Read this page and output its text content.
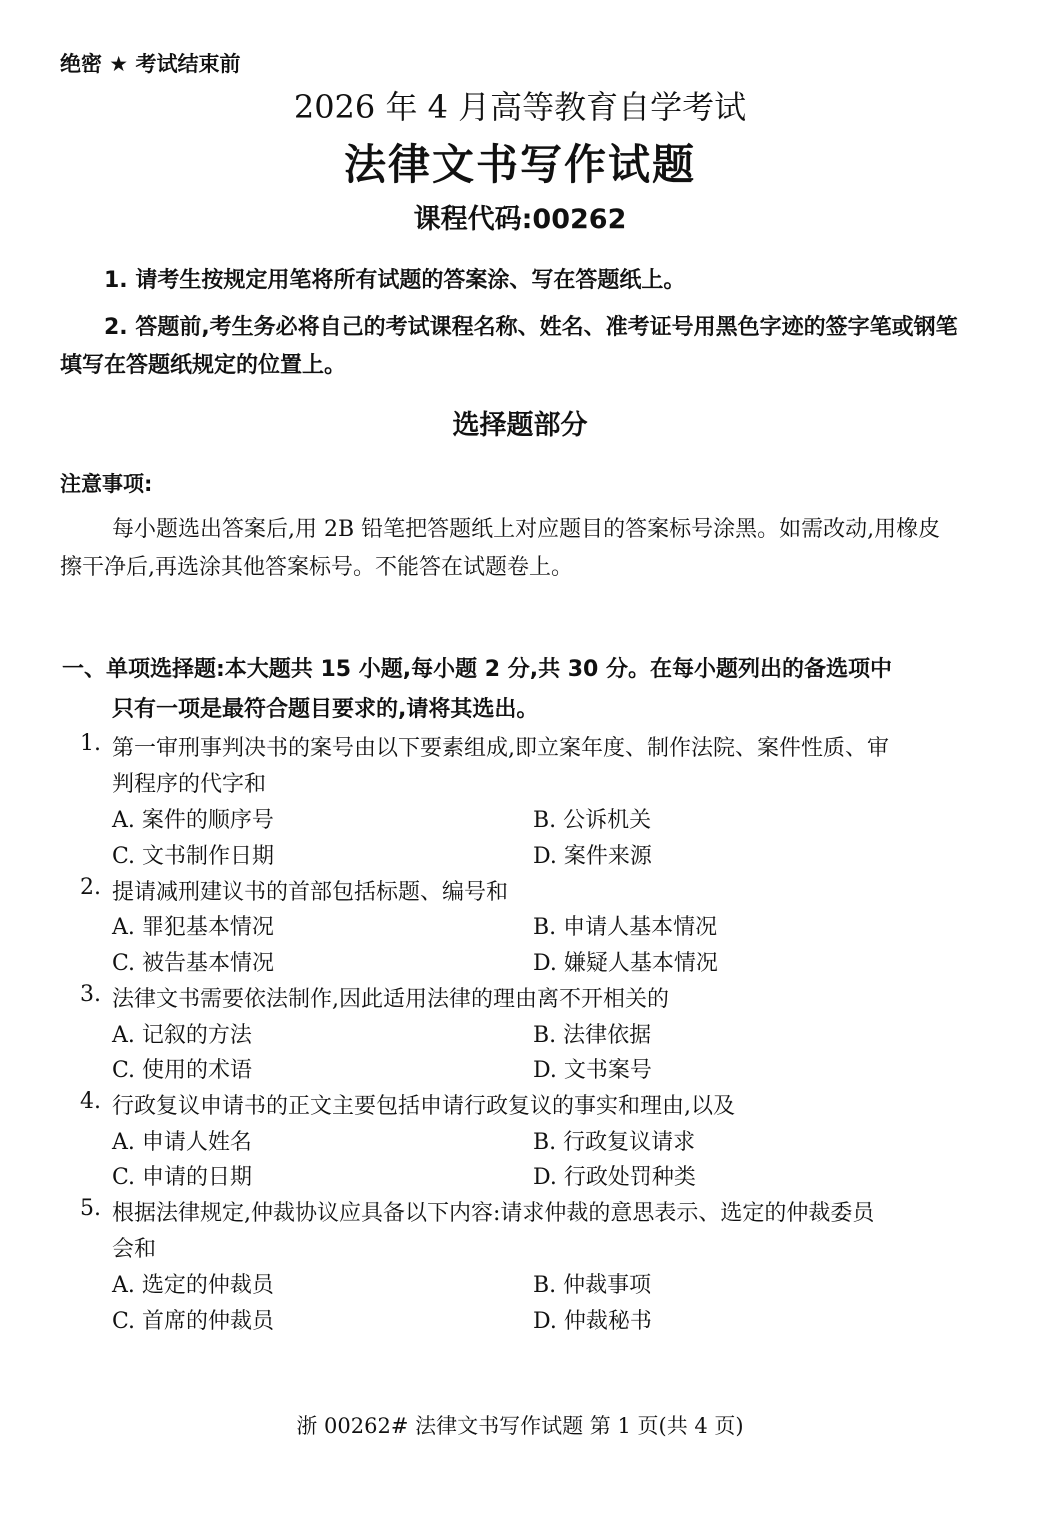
绝密 ★ 考试结束前
2026 年 4 月高等教育自学考试
法律文书写作试题
课程代码:00262
1. 请考生按规定用笔将所有试题的答案涂、写在答题纸上。
2. 答题前,考生务必将自己的考试课程名称、姓名、准考证号用黑色字迹的签字笔或钢笔
填写在答题纸规定的位置上。
选择题部分
注意事项:
每小题选出答案后,用 2B 铅笔把答题纸上对应题目的答案标号涂黑。如需改动,用橡皮
擦干净后,再选涂其他答案标号。不能答在试题卷上。
一、单项选择题:本大题共 15 小题,每小题 2 分,共 30 分。在每小题列出的备选项中
只有一项是最符合题目要求的,请将其选出。
1. 第一审刑事判决书的案号由以下要素组成,即立案年度、制作法院、案件性质、审
判程序的代字和
A. 案件的顺序号	B. 公诉机关
C. 文书制作日期	D. 案件来源
2. 提请减刑建议书的首部包括标题、编号和
A. 罪犯基本情况	B. 申请人基本情况
C. 被告基本情况	D. 嫌疑人基本情况
3. 法律文书需要依法制作,因此适用法律的理由离不开相关的
A. 记叙的方法	B. 法律依据
C. 使用的术语	D. 文书案号
4. 行政复议申请书的正文主要包括申请行政复议的事实和理由,以及
A. 申请人姓名	B. 行政复议请求
C. 申请的日期	D. 行政处罚种类
5. 根据法律规定,仲裁协议应具备以下内容:请求仲裁的意思表示、选定的仲裁委员
会和
A. 选定的仲裁员	B. 仲裁事项
C. 首席的仲裁员	D. 仲裁秘书
浙 00262# 法律文书写作试题 第 1 页(共 4 页)
